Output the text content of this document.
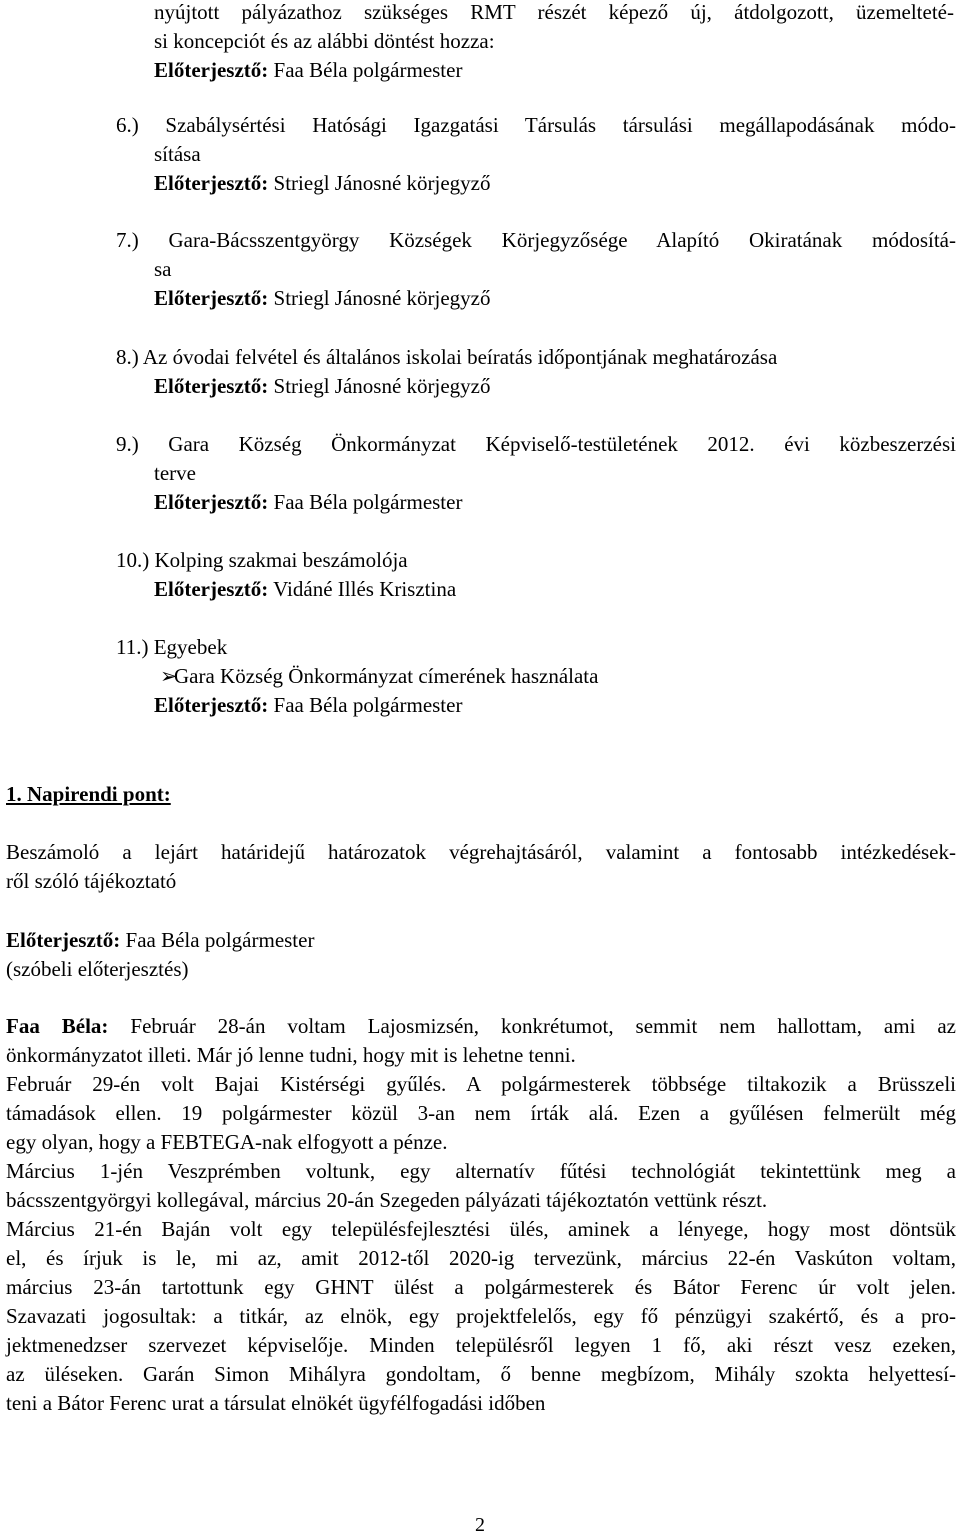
nyújtott pályázathoz szükséges RMT részét képező új, átdolgozott, üzemelteté-
si koncepciót és az alábbi döntést hozza:
Előterjesztő: Faa Béla polgármester
6.) Szabálysértési Hatósági Igazgatási Társulás társulási megállapodásának módo-
sítása
Előterjesztő: Striegl Jánosné körjegyző
7.) Gara-Bácsszentgyörgy Községek Körjegyzősége Alapító Okiratának módosítá-
sa
Előterjesztő: Striegl Jánosné körjegyző
8.) Az óvodai felvétel és általános iskolai beíratás időpontjának meghatározása
Előterjesztő: Striegl Jánosné körjegyző
9.) Gara Község Önkormányzat Képviselő-testületének 2012. évi közbeszerzési
terve
Előterjesztő: Faa Béla polgármester
10.) Kolping szakmai beszámolója
Előterjesztő: Vidáné Illés Krisztina
11.) Egyebek
➢
Gara Község Önkormányzat címerének használata
Előterjesztő: Faa Béla polgármester
1. Napirendi pont:
Beszámoló a lejárt határidejű határozatok végrehajtásáról, valamint a fontosabb intézkedések-
ről szóló tájékoztató
Előterjesztő: Faa Béla polgármester
(szóbeli előterjesztés)
Faa Béla: Február 28-án voltam Lajosmizsén, konkrétumot, semmit nem hallottam, ami az
önkormányzatot illeti. Már jó lenne tudni, hogy mit is lehetne tenni.
Február 29-én volt Bajai Kistérségi gyűlés. A polgármesterek többsége tiltakozik a Brüsszeli
támadások ellen. 19 polgármester közül 3-an nem írták alá. Ezen a gyűlésen felmerült még
egy olyan, hogy a FEBTEGA-nak elfogyott a pénze.
Március 1-jén Veszprémben voltunk, egy alternatív fűtési technológiát tekintettünk meg a
bácsszentgyörgyi kollegával, március 20-án Szegeden pályázati tájékoztatón vettünk részt.
Március 21-én Baján volt egy településfejlesztési ülés, aminek a lényege, hogy most döntsük
el, és írjuk is le, mi az, amit 2012-től 2020-ig tervezünk, március 22-én Vaskúton voltam,
március 23-án tartottunk egy GHNT ülést a polgármesterek és Bátor Ferenc úr volt jelen.
Szavazati jogosultak: a titkár, az elnök, egy projektfelelős, egy fő pénzügyi szakértő, és a pro-
jektmenedzser szervezet képviselője. Minden településről legyen 1 fő, aki részt vesz ezeken,
az üléseken. Garán Simon Mihályra gondoltam, ő benne megbízom, Mihály szokta helyettesí-
teni a Bátor Ferenc urat a társulat elnökét ügyfélfogadási időben
2
